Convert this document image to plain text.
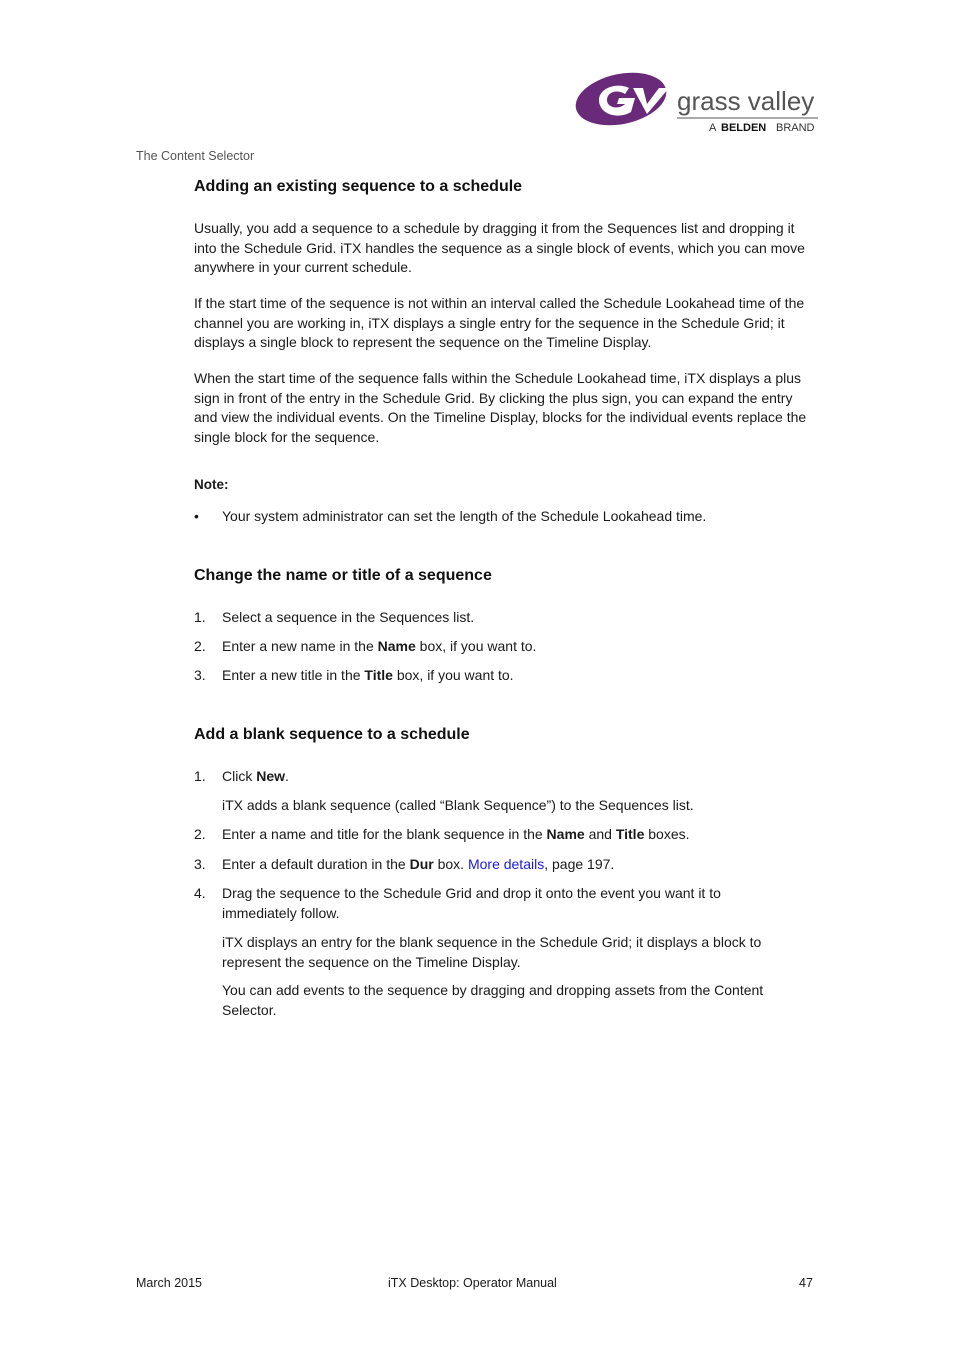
grass valley
A BELDEN BRAND
The Content Selector
Adding an existing sequence to a schedule

Usually, you add a sequence to a schedule by dragging it from the Sequences list and dropping it into the Schedule Grid. iTX handles the sequence as a single block of events, which you can move anywhere in your current schedule.

If the start time of the sequence is not within an interval called the Schedule Lookahead time of the channel you are working in, iTX displays a single entry for the sequence in the Schedule Grid; it displays a single block to represent the sequence on the Timeline Display.

When the start time of the sequence falls within the Schedule Lookahead time, iTX displays a plus sign in front of the entry in the Schedule Grid. By clicking the plus sign, you can expand the entry and view the individual events. On the Timeline Display, blocks for the individual events replace the single block for the sequence.

Note:
• Your system administrator can set the length of the Schedule Lookahead time.
Change the name or title of a sequence
1.	Select a sequence in the Sequences list.
2.	Enter a new name in the Name box, if you want to.
3.	Enter a new title in the Title box, if you want to.
Add a blank sequence to a schedule
1.	Click New.
iTX adds a blank sequence (called “Blank Sequence”) to the Sequences list.
2.	Enter a name and title for the blank sequence in the Name and Title boxes.
3.	Enter a default duration in the Dur box. More details, page 197.
4.	Drag the sequence to the Schedule Grid and drop it onto the event you want it to immediately follow.
iTX displays an entry for the blank sequence in the Schedule Grid; it displays a block to represent the sequence on the Timeline Display.
You can add events to the sequence by dragging and dropping assets from the Content Selector.
March 2015	iTX Desktop: Operator Manual	47
